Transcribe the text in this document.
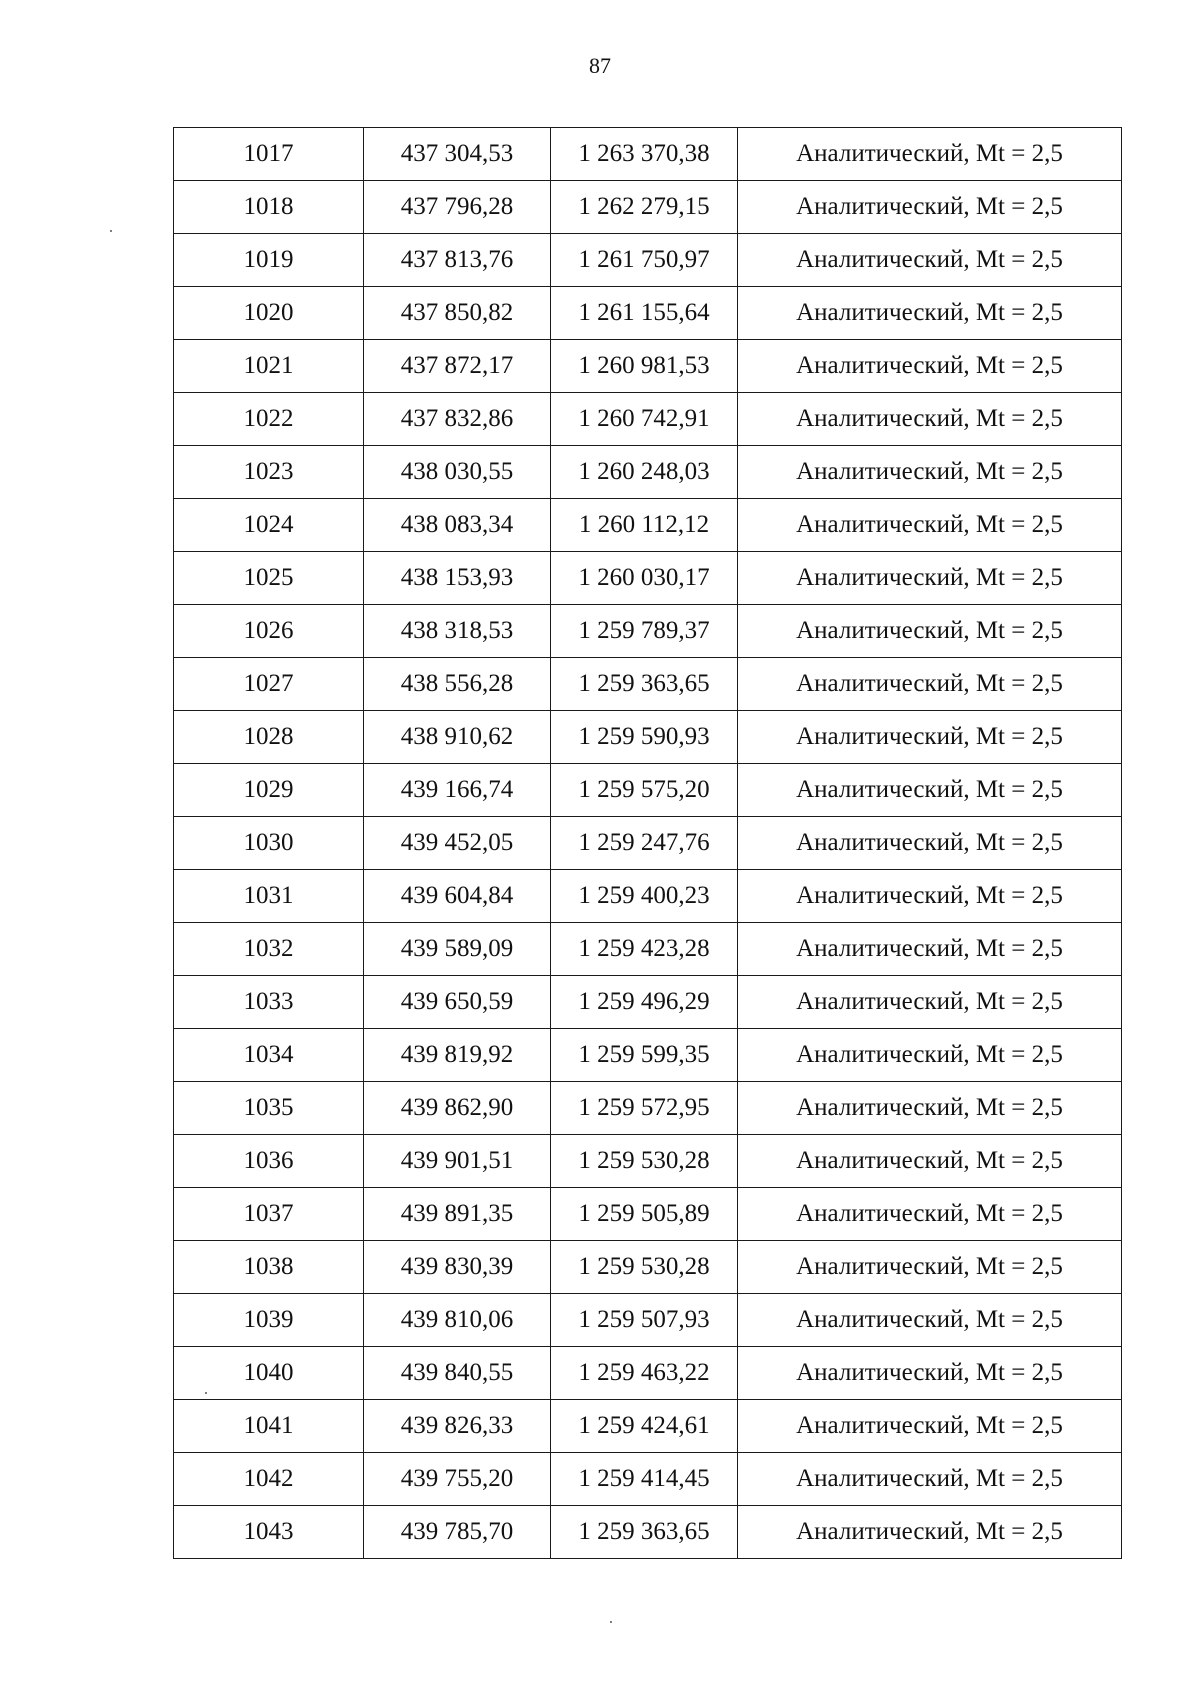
87
1017	437 304,53	1 263 370,38	Аналитический, Mt = 2,5
1018	437 796,28	1 262 279,15	Аналитический, Mt = 2,5
1019	437 813,76	1 261 750,97	Аналитический, Mt = 2,5
1020	437 850,82	1 261 155,64	Аналитический, Mt = 2,5
1021	437 872,17	1 260 981,53	Аналитический, Mt = 2,5
1022	437 832,86	1 260 742,91	Аналитический, Mt = 2,5
1023	438 030,55	1 260 248,03	Аналитический, Mt = 2,5
1024	438 083,34	1 260 112,12	Аналитический, Mt = 2,5
1025	438 153,93	1 260 030,17	Аналитический, Mt = 2,5
1026	438 318,53	1 259 789,37	Аналитический, Mt = 2,5
1027	438 556,28	1 259 363,65	Аналитический, Mt = 2,5
1028	438 910,62	1 259 590,93	Аналитический, Mt = 2,5
1029	439 166,74	1 259 575,20	Аналитический, Mt = 2,5
1030	439 452,05	1 259 247,76	Аналитический, Mt = 2,5
1031	439 604,84	1 259 400,23	Аналитический, Mt = 2,5
1032	439 589,09	1 259 423,28	Аналитический, Mt = 2,5
1033	439 650,59	1 259 496,29	Аналитический, Mt = 2,5
1034	439 819,92	1 259 599,35	Аналитический, Mt = 2,5
1035	439 862,90	1 259 572,95	Аналитический, Mt = 2,5
1036	439 901,51	1 259 530,28	Аналитический, Mt = 2,5
1037	439 891,35	1 259 505,89	Аналитический, Mt = 2,5
1038	439 830,39	1 259 530,28	Аналитический, Mt = 2,5
1039	439 810,06	1 259 507,93	Аналитический, Mt = 2,5
1040	439 840,55	1 259 463,22	Аналитический, Mt = 2,5
1041	439 826,33	1 259 424,61	Аналитический, Mt = 2,5
1042	439 755,20	1 259 414,45	Аналитический, Mt = 2,5
1043	439 785,70	1 259 363,65	Аналитический, Mt = 2,5
